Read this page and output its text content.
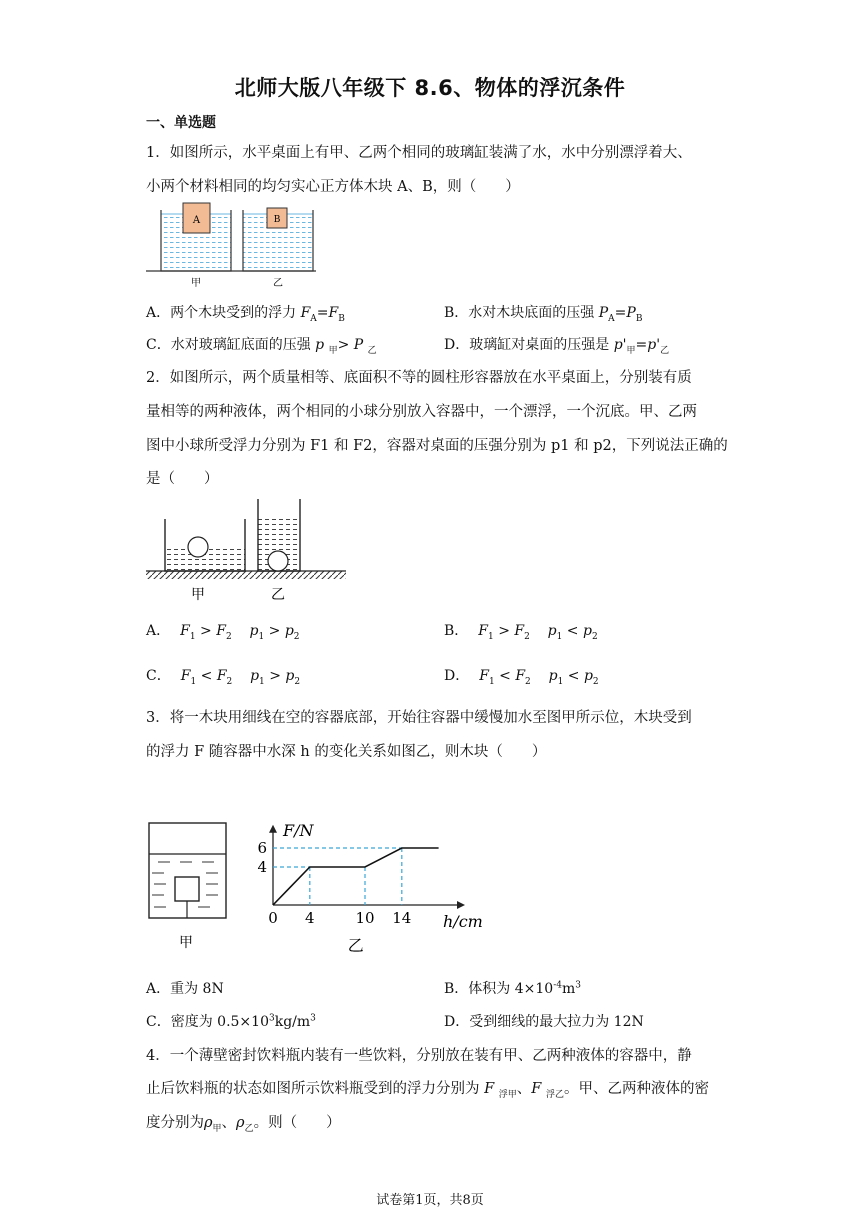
北师大版八年级下 8.6、物体的浮沉条件
一、单选题
1．如图所示，水平桌面上有甲、乙两个相同的玻璃缸装满了水，水中分别漂浮着大、
小两个材料相同的均匀实心正方体木块 A、B，则（　　）
A	B
甲	乙
A．两个木块受到的浮力 $F_A=F_B$	B．水对木块底面的压强 $P_A=P_B$
C．水对玻璃缸底面的压强 p $_甲$> P $_乙$	D．玻璃缸对桌面的压强是 $p'_甲=p'_乙$
2．如图所示，两个质量相等、底面积不等的圆柱形容器放在水平桌面上，分别装有质
量相等的两种液体，两个相同的小球分别放入容器中，一个漂浮，一个沉底。甲、乙两
图中小球所受浮力分别为 F1 和 F2，容器对桌面的压强分别为 p1 和 p2，下列说法正确的
是（　　）
甲	乙
A． $F_1 > F_2$ $p_1 > p_2$	B． $F_1 > F_2$ $p_1 < p_2$
C． $F_1 < F_2$ $p_1 > p_2$	D． $F_1 < F_2$ $p_1 < p_2$
3．将一木块用细线在空的容器底部，开始往容器中缓慢加水至图甲所示位，木块受到
的浮力 F 随容器中水深 h 的变化关系如图乙，则木块（　　）
甲
0 4	10 14
4
6
F/N
h/cm
乙
A．重为 8N	B．体积为 $4\times 10^{-4}m^3$
C．密度为 $0.5\times 10^3kg/m^3$	D．受到细线的最大拉力为 12N
4．一个薄壁密封饮料瓶内装有一些饮料，分别放在装有甲、乙两种液体的容器中，静
止后饮料瓶的状态如图所示饮料瓶受到的浮力分别为 F $_{浮甲}$、F $_{浮乙}$。甲、乙两种液体的密
度分别为$\rho_甲$、$\rho_乙$。则（　　）
试卷第1页，共8页
